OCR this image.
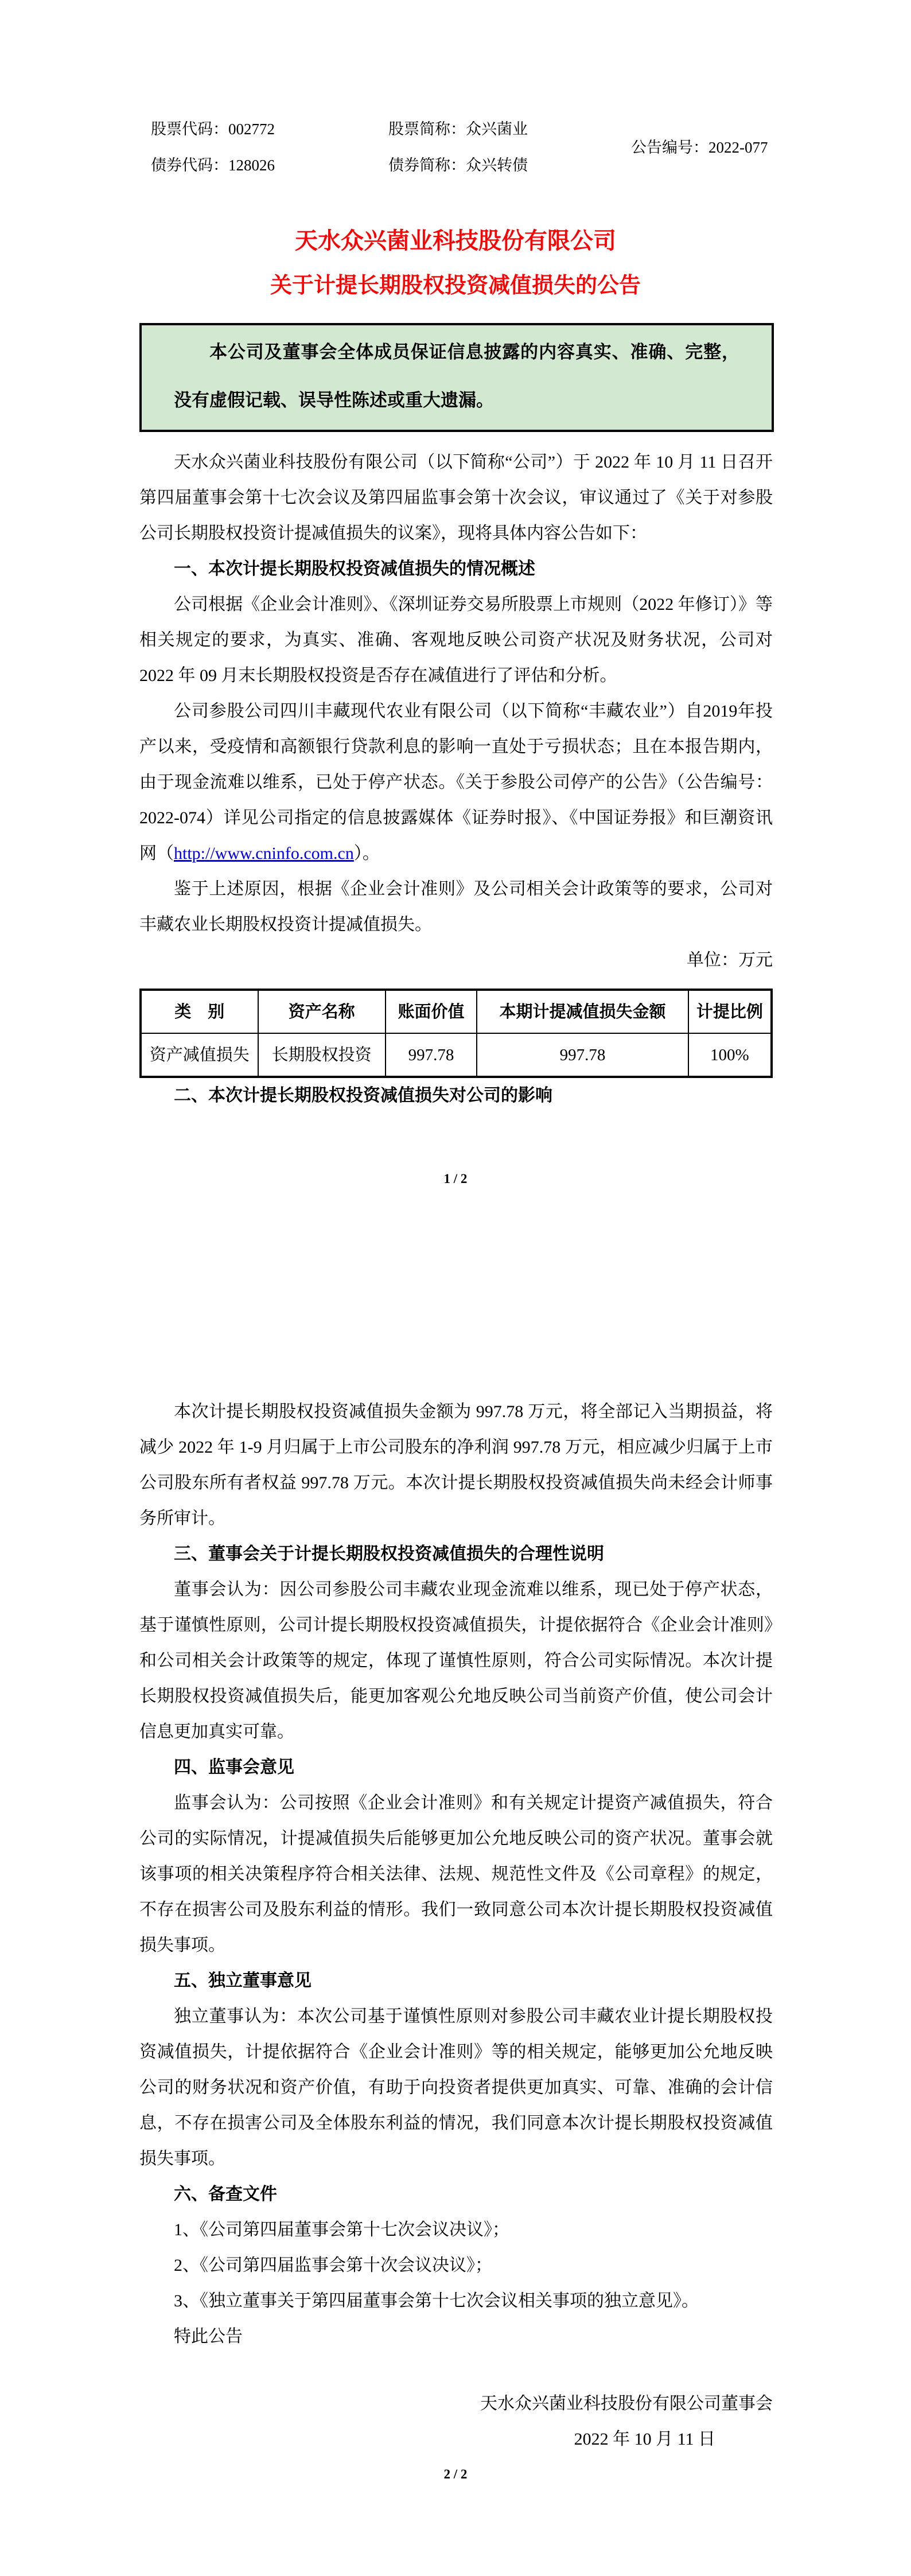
股票代码：002772	股票简称：众兴菌业
公告编号：2022-077
债券代码：128026	债券简称：众兴转债
天水众兴菌业科技股份有限公司
关于计提长期股权投资减值损失的公告

本公司及董事会全体成员保证信息披露的内容真实、准确、完整，没有虚假记载、误导性陈述或重大遗漏。

天水众兴菌业科技股份有限公司（以下简称“公司”）于 2022 年 10 月 11 日召开第四届董事会第十七次会议及第四届监事会第十次会议，审议通过了《关于对参股公司长期股权投资计提减值损失的议案》，现将具体内容公告如下：

一、本次计提长期股权投资减值损失的情况概述

公司根据《企业会计准则》、《深圳证券交易所股票上市规则（2022 年修订）》等相关规定的要求，为真实、准确、客观地反映公司资产状况及财务状况，公司对 2022 年 09 月末长期股权投资是否存在减值进行了评估和分析。

公司参股公司四川丰藏现代农业有限公司（以下简称“丰藏农业”）自2019年投产以来，受疫情和高额银行贷款利息的影响一直处于亏损状态；且在本报告期内，由于现金流难以维系，已处于停产状态。《关于参股公司停产的公告》（公告编号：2022-074）详见公司指定的信息披露媒体《证券时报》、《中国证券报》和巨潮资讯网（http://www.cninfo.com.cn）。

鉴于上述原因，根据《企业会计准则》及公司相关会计政策等的要求，公司对丰藏农业长期股权投资计提减值损失。

单位：万元

类　别	资产名称	账面价值	本期计提减值损失金额	计提比例
资产减值损失	长期股权投资	997.78	997.78	100%

二、本次计提长期股权投资减值损失对公司的影响

1 / 2

本次计提长期股权投资减值损失金额为 997.78 万元，将全部记入当期损益，将减少 2022 年 1-9 月归属于上市公司股东的净利润 997.78 万元，相应减少归属于上市公司股东所有者权益 997.78 万元。本次计提长期股权投资减值损失尚未经会计师事务所审计。

三、董事会关于计提长期股权投资减值损失的合理性说明

董事会认为：因公司参股公司丰藏农业现金流难以维系，现已处于停产状态，基于谨慎性原则，公司计提长期股权投资减值损失，计提依据符合《企业会计准则》和公司相关会计政策等的规定，体现了谨慎性原则，符合公司实际情况。本次计提长期股权投资减值损失后，能更加客观公允地反映公司当前资产价值，使公司会计信息更加真实可靠。

四、监事会意见

监事会认为：公司按照《企业会计准则》和有关规定计提资产减值损失，符合公司的实际情况，计提减值损失后能够更加公允地反映公司的资产状况。董事会就该事项的相关决策程序符合相关法律、法规、规范性文件及《公司章程》的规定，不存在损害公司及股东利益的情形。我们一致同意公司本次计提长期股权投资减值损失事项。

五、独立董事意见

独立董事认为：本次公司基于谨慎性原则对参股公司丰藏农业计提长期股权投资减值损失，计提依据符合《企业会计准则》等的相关规定，能够更加公允地反映公司的财务状况和资产价值，有助于向投资者提供更加真实、可靠、准确的会计信息，不存在损害公司及全体股东利益的情况，我们同意本次计提长期股权投资减值损失事项。

六、备查文件

1、《公司第四届董事会第十七次会议决议》；

2、《公司第四届监事会第十次会议决议》；

3、《独立董事关于第四届董事会第十七次会议相关事项的独立意见》。

特此公告

天水众兴菌业科技股份有限公司董事会

2022 年 10 月 11 日

2 / 2
